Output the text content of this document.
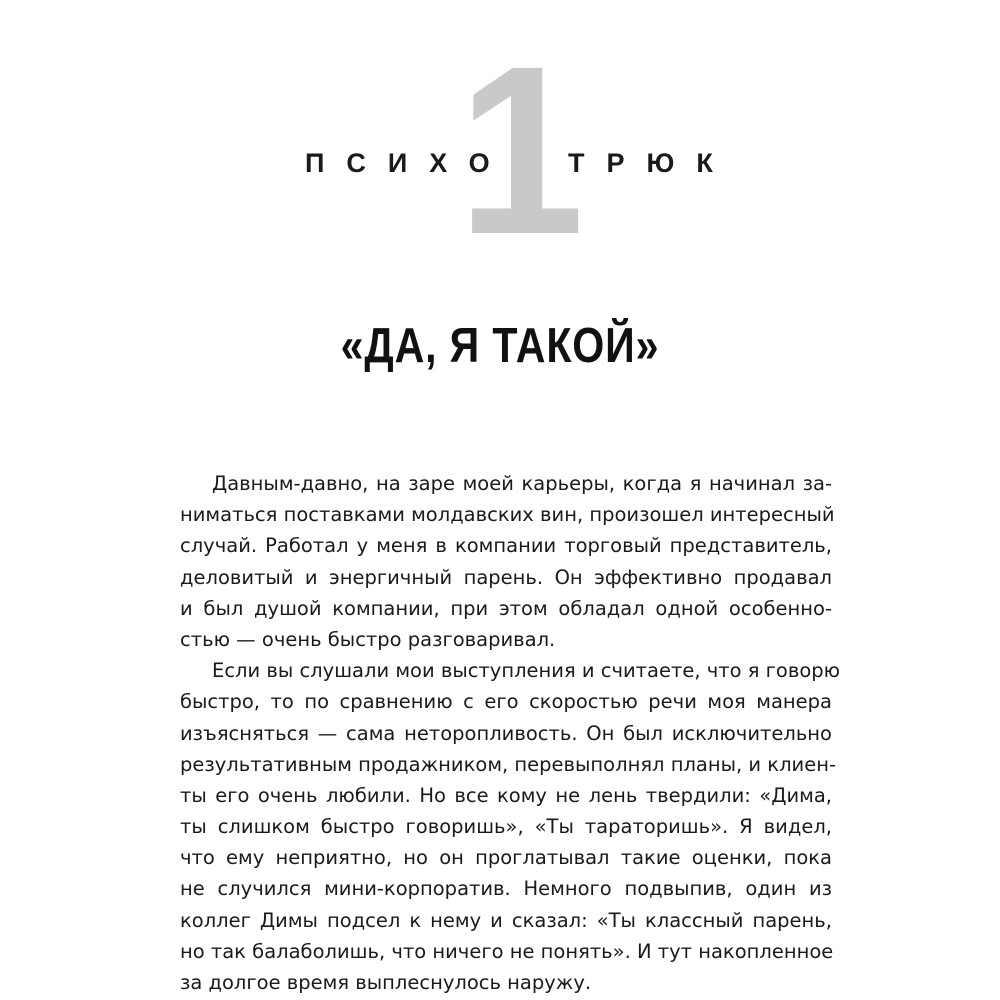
1
ПСИХО ТРЮК
«ДА, Я ТАКОЙ»
Давным-давно, на заре моей карьеры, когда я начинал за-
ниматься поставками молдавских вин, произошел интересный
случай. Работал у меня в компании торговый представитель,
деловитый и энергичный парень. Он эффективно продавал
и был душой компании, при этом обладал одной особенно-
стью — очень быстро разговаривал.
Если вы слушали мои выступления и считаете, что я говорю
быстро, то по сравнению с его скоростью речи моя манера
изъясняться — сама неторопливость. Он был исключительно
результативным продажником, перевыполнял планы, и клиен-
ты его очень любили. Но все кому не лень твердили: «Дима,
ты слишком быстро говоришь», «Ты тараторишь». Я видел,
что ему неприятно, но он проглатывал такие оценки, пока
не случился мини-корпоратив. Немного подвыпив, один из
коллег Димы подсел к нему и сказал: «Ты классный парень,
но так балаболишь, что ничего не понять». И тут накопленное
за долгое время выплеснулось наружу.
